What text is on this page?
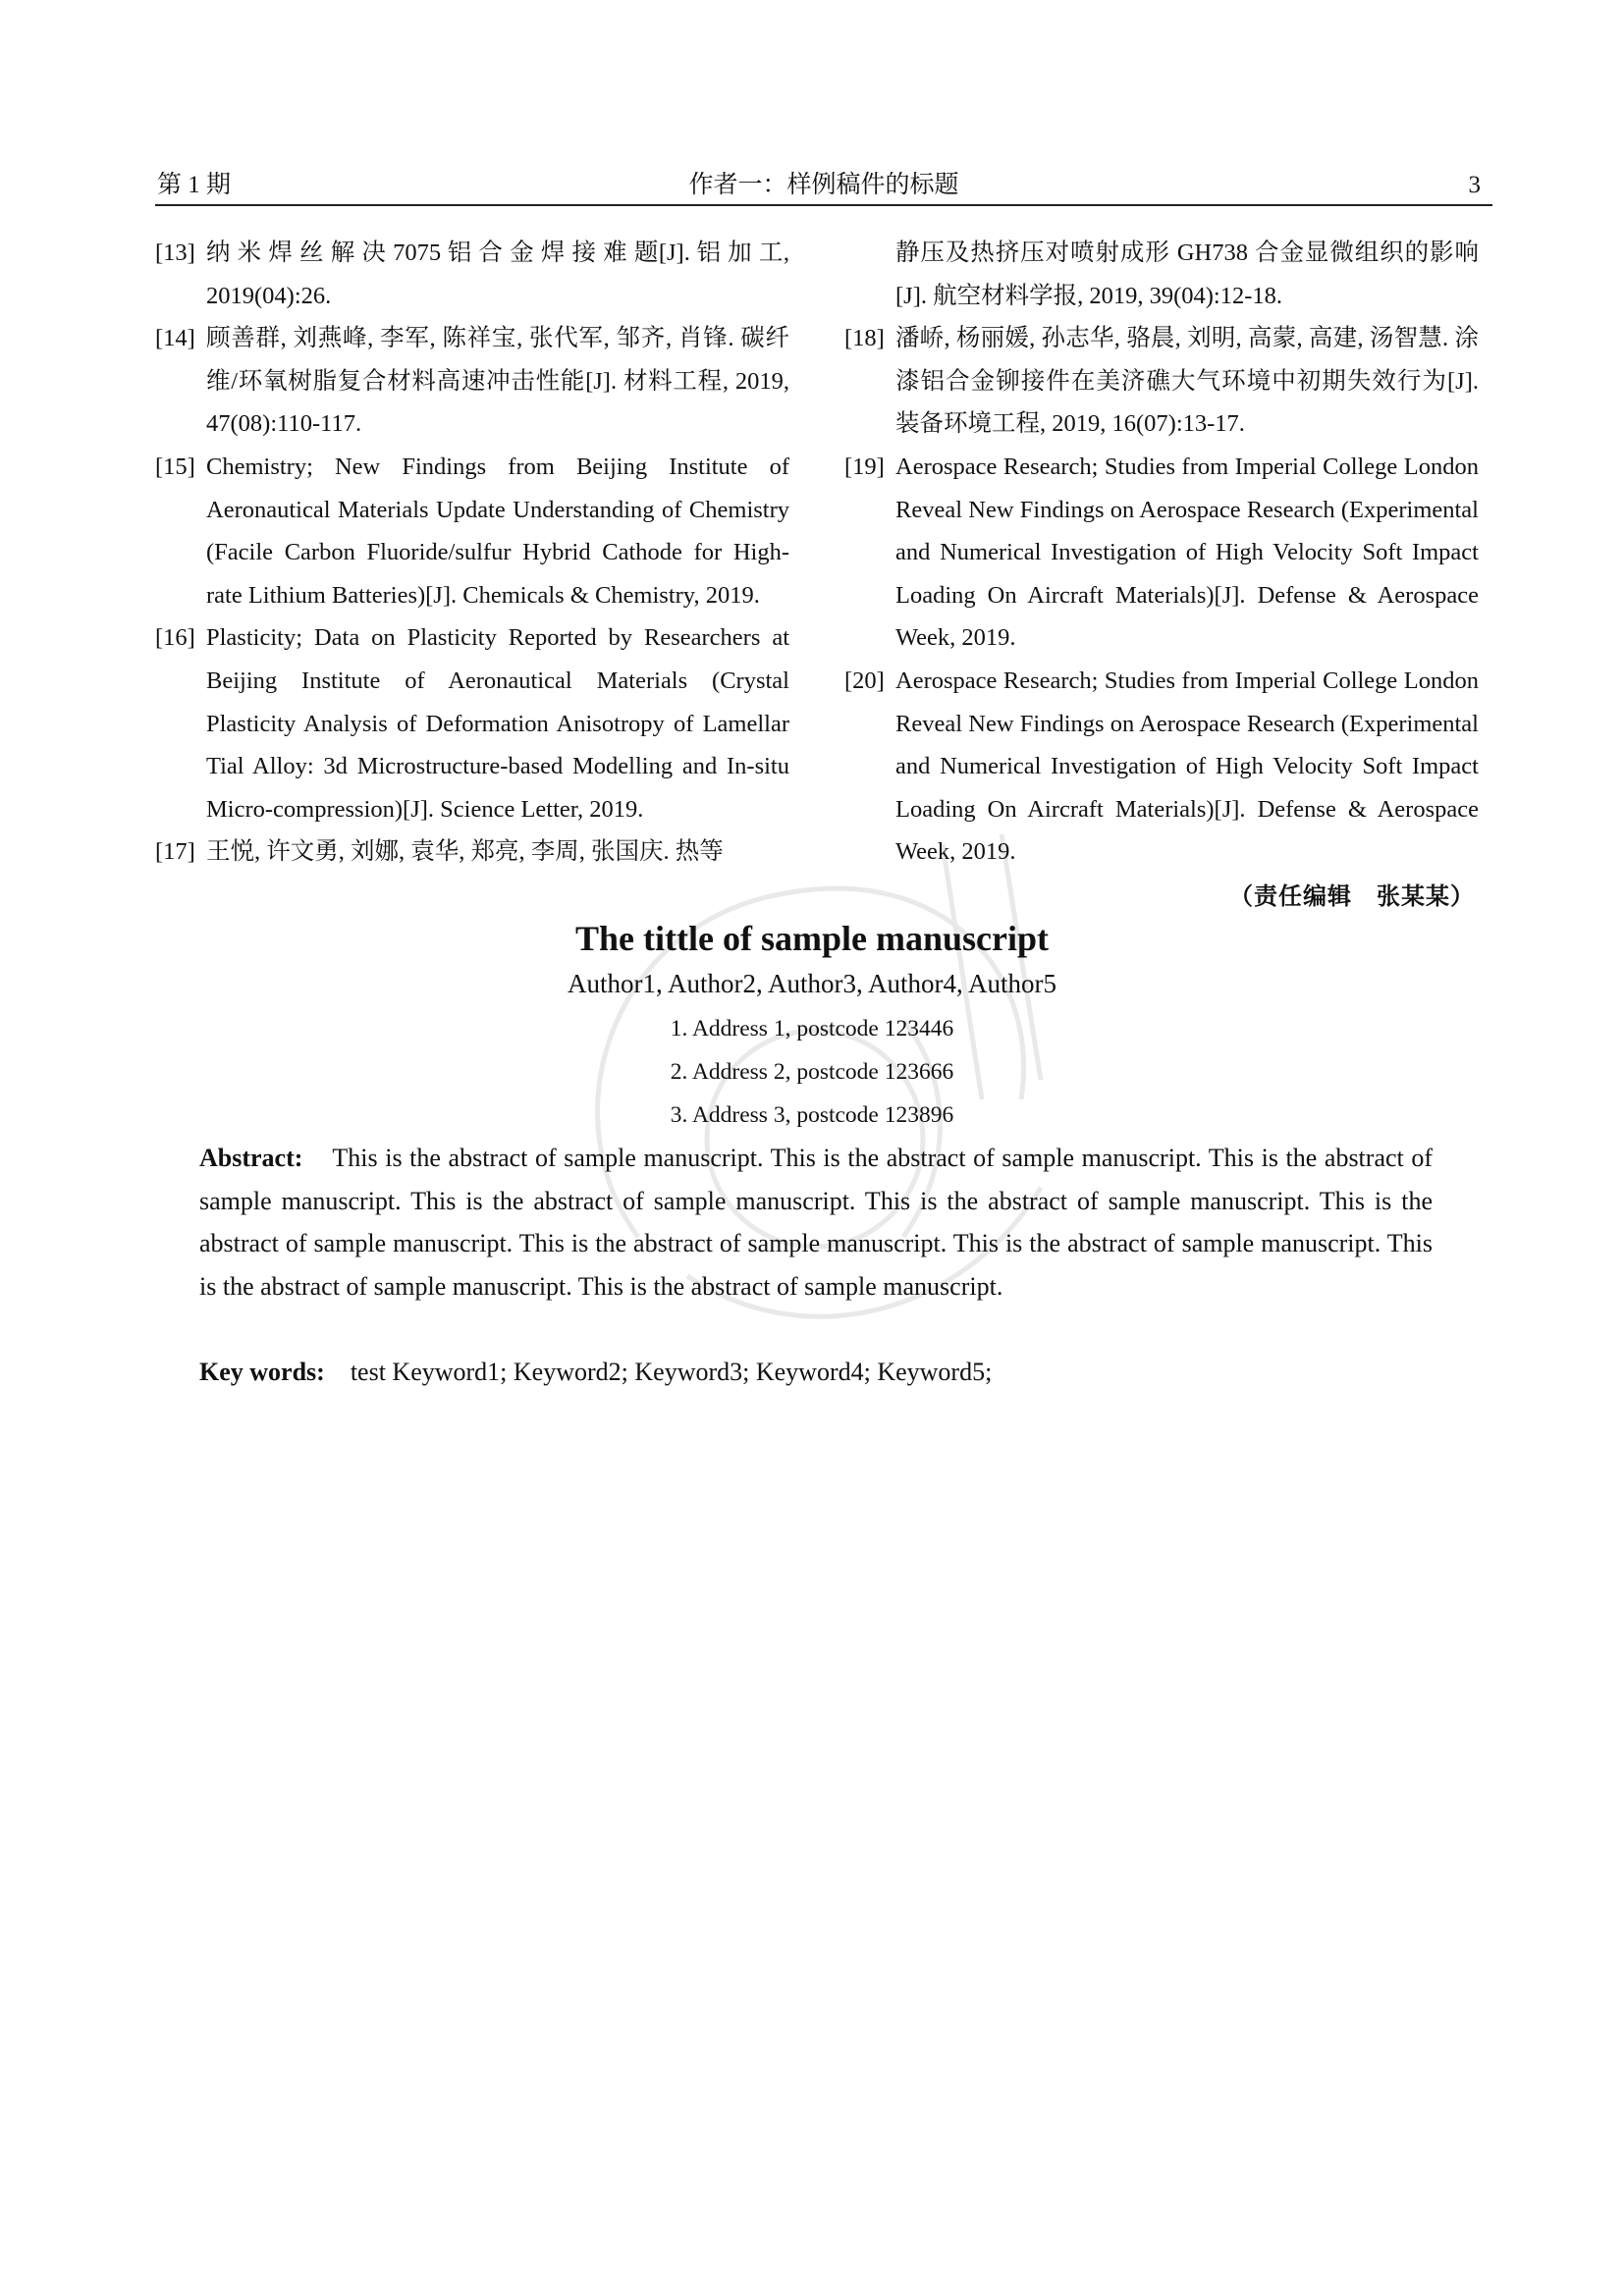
第 1 期	作者一：样例稿件的标题	3
[13] 纳 米 焊 丝 解 决 7075 铝 合 金 焊 接 难 题[J]. 铝 加 工, 2019(04):26.
[14] 顾善群, 刘燕峰, 李军, 陈祥宝, 张代军, 邹齐, 肖锋. 碳纤维/环氧树脂复合材料高速冲击性能[J]. 材料工程, 2019, 47(08):110-117.
[15] Chemistry; New Findings from Beijing Institute of Aeronautical Materials Update Understanding of Chemistry (Facile Carbon Fluoride/sulfur Hybrid Cathode for High-rate Lithium Batteries)[J]. Chemicals & Chemistry, 2019.
[16] Plasticity; Data on Plasticity Reported by Researchers at Beijing Institute of Aeronautical Materials (Crystal Plasticity Analysis of Deformation Anisotropy of Lamellar Tial Alloy: 3d Microstructure-based Modelling and In-situ Micro-compression)[J]. Science Letter, 2019.
[17] 王悦, 许文勇, 刘娜, 袁华, 郑亮, 李周, 张国庆. 热等
静压及热挤压对喷射成形 GH738 合金显微组织的影响[J]. 航空材料学报, 2019, 39(04):12-18.
[18] 潘峤, 杨丽媛, 孙志华, 骆晨, 刘明, 高蒙, 高建, 汤智慧. 涂漆铝合金铆接件在美济礁大气环境中初期失效行为[J]. 装备环境工程, 2019, 16(07):13-17.
[19] Aerospace Research; Studies from Imperial College London Reveal New Findings on Aerospace Research (Experimental and Numerical Investigation of High Velocity Soft Impact Loading On Aircraft Materials)[J]. Defense & Aerospace Week, 2019.
[20] Aerospace Research; Studies from Imperial College London Reveal New Findings on Aerospace Research (Experimental and Numerical Investigation of High Velocity Soft Impact Loading On Aircraft Materials)[J]. Defense & Aerospace Week, 2019.
（责任编辑　张某某）
The tittle of sample manuscript
Author1, Author2, Author3, Author4, Author5
1. Address 1, postcode 123446
2. Address 2, postcode 123666
3. Address 3, postcode 123896
Abstract: This is the abstract of sample manuscript. This is the abstract of sample manuscript. This is the abstract of sample manuscript. This is the abstract of sample manuscript. This is the abstract of sample manuscript. This is the abstract of sample manuscript. This is the abstract of sample manuscript. This is the abstract of sample manuscript. This is the abstract of sample manuscript. This is the abstract of sample manuscript.
Key words: test Keyword1; Keyword2; Keyword3; Keyword4; Keyword5;
